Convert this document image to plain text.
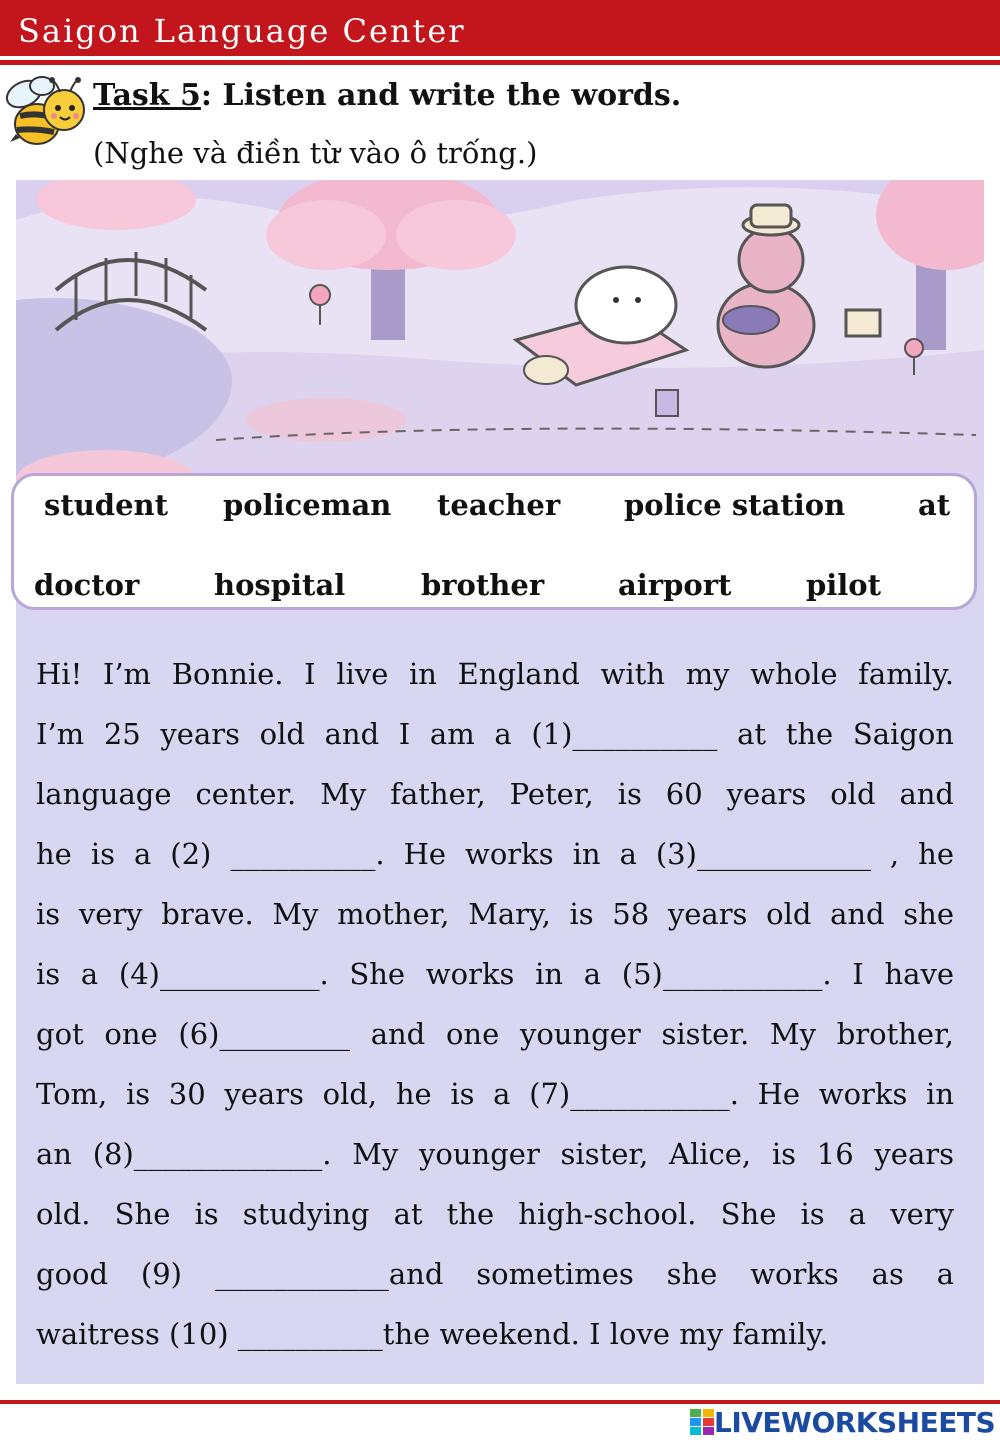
Saigon Language Center
Task 5: Listen and write the words.
(Nghe và điền từ vào ô trống.)
student policeman teacher police station	at
doctor	hospital	brother	airport	pilot
Hi! I’m Bonnie. I live in England with my whole family.
I’m 25 years old and I am a (1)__________ at the Saigon
language center. My father, Peter, is 60 years old and
he is a (2) __________. He works in a (3)____________ , he
is very brave. My mother, Mary, is 58 years old and she
is a (4)___________. She works in a (5)___________. I have
got one (6)_________ and one younger sister. My brother,
Tom, is 30 years old, he is a (7)___________. He works in
an (8)_____________. My younger sister, Alice, is 16 years
old. She is studying at the high-school. She is a very
good (9) ____________and sometimes she works as a
waitress (10) __________the weekend. I love my family.
LIVEWORKSHEETS
